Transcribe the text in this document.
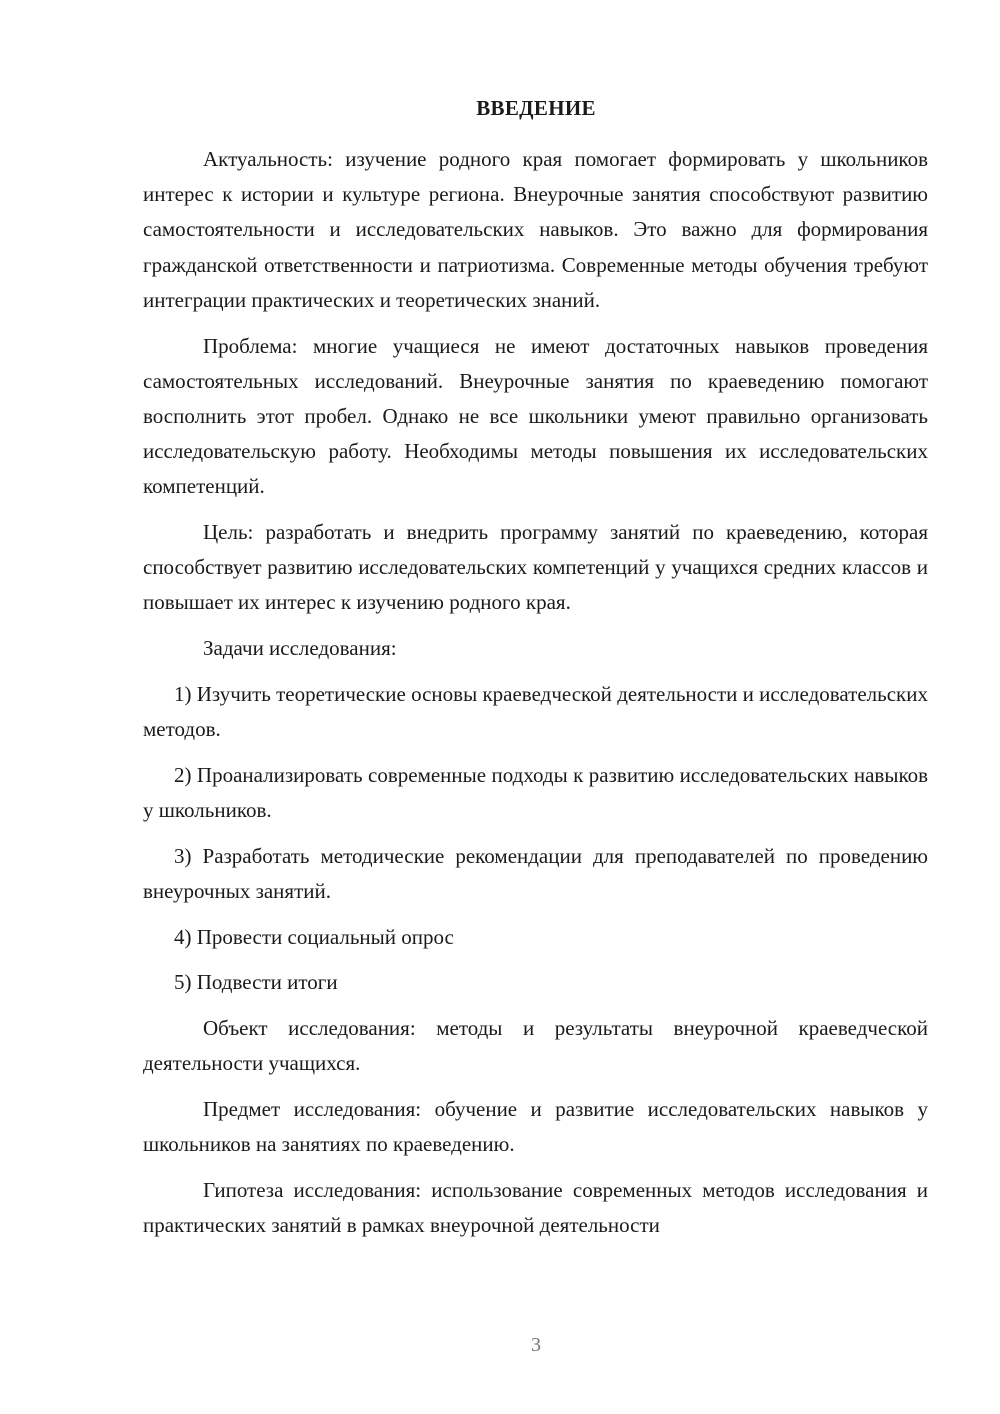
ВВЕДЕНИЕ

Актуальность: изучение родного края помогает формировать у школьников интерес к истории и культуре региона. Внеурочные занятия способствуют развитию самостоятельности и исследовательских навыков. Это важно для формирования гражданской ответственности и патриотизма. Современные методы обучения требуют интеграции практических и теоретических знаний.

Проблема: многие учащиеся не имеют достаточных навыков проведения самостоятельных исследований. Внеурочные занятия по краеведению помогают восполнить этот пробел. Однако не все школьники умеют правильно организовать исследовательскую работу. Необходимы методы повышения их исследовательских компетенций.

Цель: разработать и внедрить программу занятий по краеведению, которая способствует развитию исследовательских компетенций у учащихся средних классов и повышает их интерес к изучению родного края.

Задачи исследования:

1) Изучить теоретические основы краеведческой деятельности и исследовательских методов.

2) Проанализировать современные подходы к развитию исследовательских навыков у школьников.

3) Разработать методические рекомендации для преподавателей по проведению внеурочных занятий.

4) Провести социальный опрос

5) Подвести итоги

Объект исследования: методы и результаты внеурочной краеведческой деятельности учащихся.

Предмет исследования: обучение и развитие исследовательских навыков у школьников на занятиях по краеведению.

Гипотеза исследования: использование современных методов исследования и практических занятий в рамках внеурочной деятельности

3
